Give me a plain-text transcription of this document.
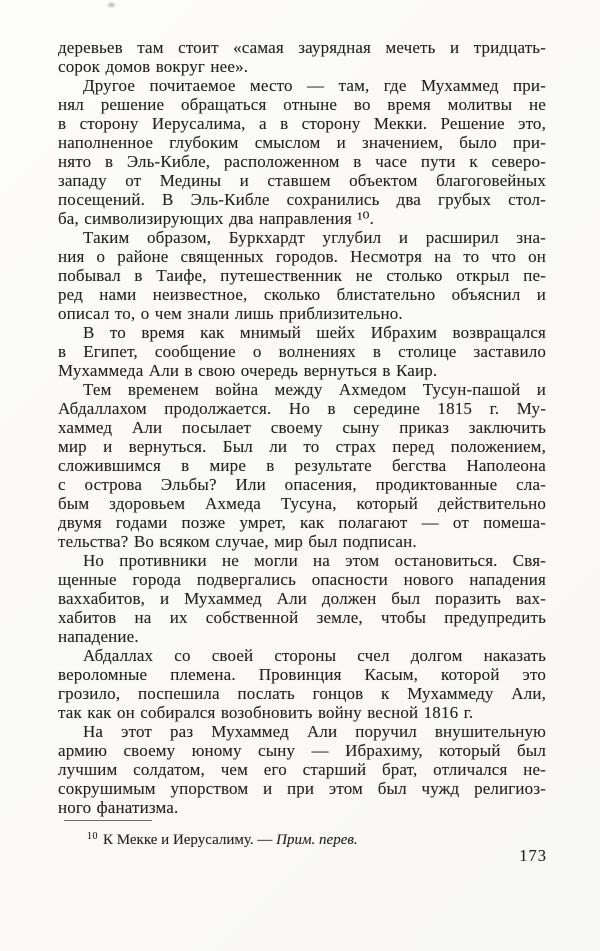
деревьев там стоит «самая заурядная мечеть и тридцать-
сорок домов вокруг нее».
Другое почитаемое место — там, где Мухаммед при-
нял решение обращаться отныне во время молитвы не
в сторону Иерусалима, а в сторону Мекки. Решение это,
наполненное глубоким смыслом и значением, было при-
нято в Эль-Кибле, расположенном в часе пути к северо-
западу от Медины и ставшем объектом благоговейных
посещений. В Эль-Кибле сохранились два грубых стол-
ба, символизирующих два направления ¹⁰.
Таким образом, Буркхардт углубил и расширил зна-
ния о районе священных городов. Несмотря на то что он
побывал в Таифе, путешественник не столько открыл пе-
ред нами неизвестное, сколько блистательно объяснил и
описал то, о чем знали лишь приблизительно.
В то время как мнимый шейх Ибрахим возвращался
в Египет, сообщение о волнениях в столице заставило
Мухаммеда Али в свою очередь вернуться в Каир.
Тем временем война между Ахмедом Тусун-пашой и
Абдаллахом продолжается. Но в середине 1815 г. Му-
хаммед Али посылает своему сыну приказ заключить
мир и вернуться. Был ли то страх перед положением,
сложившимся в мире в результате бегства Наполеона
с острова Эльбы? Или опасения, продиктованные сла-
бым здоровьем Ахмеда Тусуна, который действительно
двумя годами позже умрет, как полагают — от помеша-
тельства? Во всяком случае, мир был подписан.
Но противники не могли на этом остановиться. Свя-
щенные города подвергались опасности нового нападения
ваххабитов, и Мухаммед Али должен был поразить вах-
хабитов на их собственной земле, чтобы предупредить
нападение.
Абдаллах со своей стороны счел долгом наказать
вероломные племена. Провинция Касым, которой это
грозило, поспешила послать гонцов к Мухаммеду Али,
так как он собирался возобновить войну весной 1816 г.
На этот раз Мухаммед Али поручил внушительную
армию своему юному сыну — Ибрахиму, который был
лучшим солдатом, чем его старший брат, отличался не-
сокрушимым упорством и при этом был чужд религиоз-
ного фанатизма.
$^{10}$ К Мекке и Иерусалиму. — Прим. перев.
173
